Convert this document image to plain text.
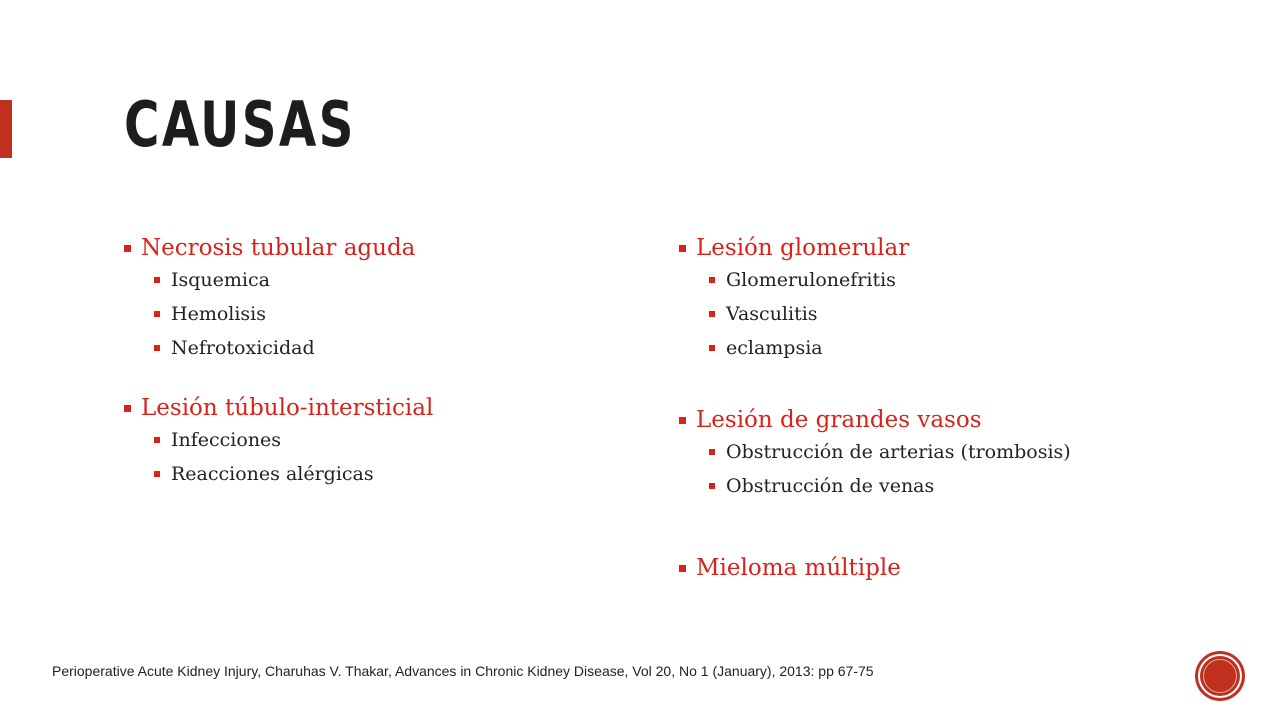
CAUSAS
Necrosis tubular aguda
Isquemica
Hemolisis
Nefrotoxicidad
Lesión túbulo-intersticial
Infecciones
Reacciones alérgicas
Lesión glomerular
Glomerulonefritis
Vasculitis
eclampsia
Lesión de grandes vasos
Obstrucción de arterias (trombosis)
Obstrucción de venas
Mieloma múltiple
Perioperative Acute Kidney Injury, Charuhas V. Thakar, Advances in Chronic Kidney Disease, Vol 20, No 1 (January), 2013: pp 67-75
